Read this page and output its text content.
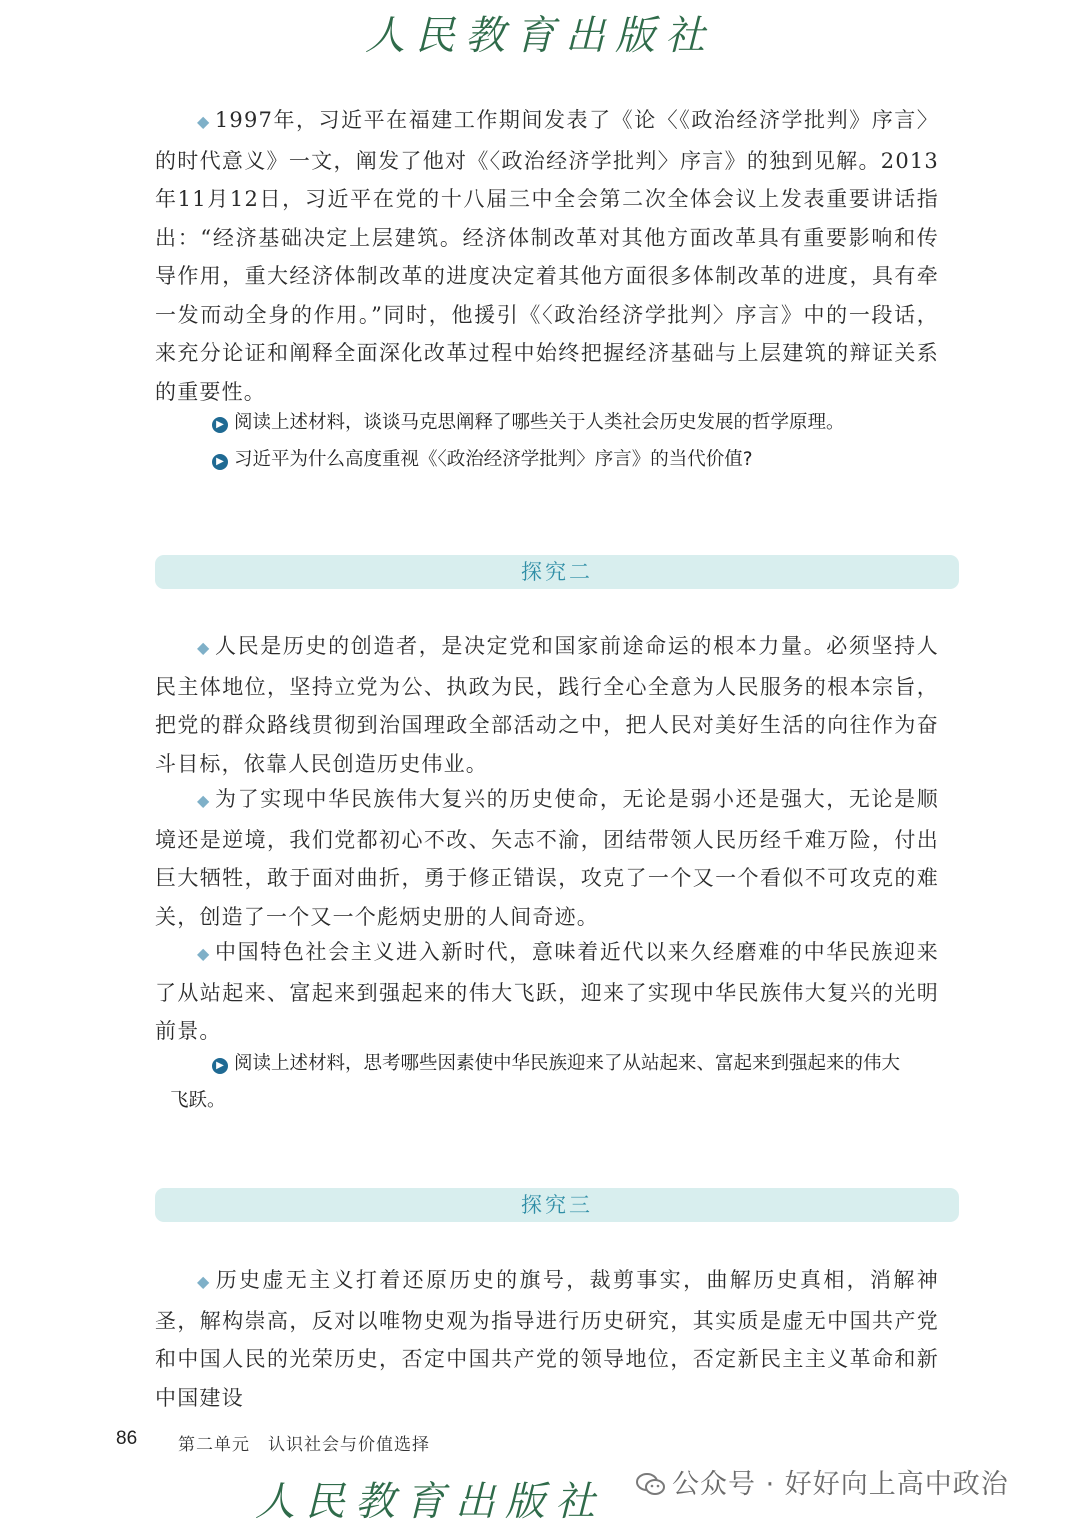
人民教育出版社

◆ 1997年，习近平在福建工作期间发表了《论〈《政治经济学批判》序言〉的时代意义》一文，阐发了他对《〈政治经济学批判〉序言》的独到见解。2013年11月12日，习近平在党的十八届三中全会第二次全体会议上发表重要讲话指出：“经济基础决定上层建筑。经济体制改革对其他方面改革具有重要影响和传导作用，重大经济体制改革的进度决定着其他方面很多体制改革的进度，具有牵一发而动全身的作用。”同时，他援引《〈政治经济学批判〉序言》中的一段话，来充分论证和阐释全面深化改革过程中始终把握经济基础与上层建筑的辩证关系的重要性。

▶ 阅读上述材料，谈谈马克思阐释了哪些关于人类社会历史发展的哲学原理。
▶ 习近平为什么高度重视《〈政治经济学批判〉序言》的当代价值?
探究二

◆ 人民是历史的创造者，是决定党和国家前途命运的根本力量。必须坚持人民主体地位，坚持立党为公、执政为民，践行全心全意为人民服务的根本宗旨，把党的群众路线贯彻到治国理政全部活动之中，把人民对美好生活的向往作为奋斗目标，依靠人民创造历史伟业。

◆ 为了实现中华民族伟大复兴的历史使命，无论是弱小还是强大，无论是顺境还是逆境，我们党都初心不改、矢志不渝，团结带领人民历经千难万险，付出巨大牺牲，敢于面对曲折，勇于修正错误，攻克了一个又一个看似不可攻克的难关，创造了一个又一个彪炳史册的人间奇迹。

◆ 中国特色社会主义进入新时代，意味着近代以来久经磨难的中华民族迎来了从站起来、富起来到强起来的伟大飞跃，迎来了实现中华民族伟大复兴的光明前景。

▶ 阅读上述材料，思考哪些因素使中华民族迎来了从站起来、富起来到强起来的伟大
飞跃。
探究三

◆ 历史虚无主义打着还原历史的旗号，裁剪事实，曲解历史真相，消解神圣，解构崇高，反对以唯物史观为指导进行历史研究，其实质是虚无中国共产党和中国人民的光荣历史，否定中国共产党的领导地位，否定新民主主义革命和新中国建设

86 第二单元　认识社会与价值选择
人民教育出版社	公众号 · 好好向上高中政治
